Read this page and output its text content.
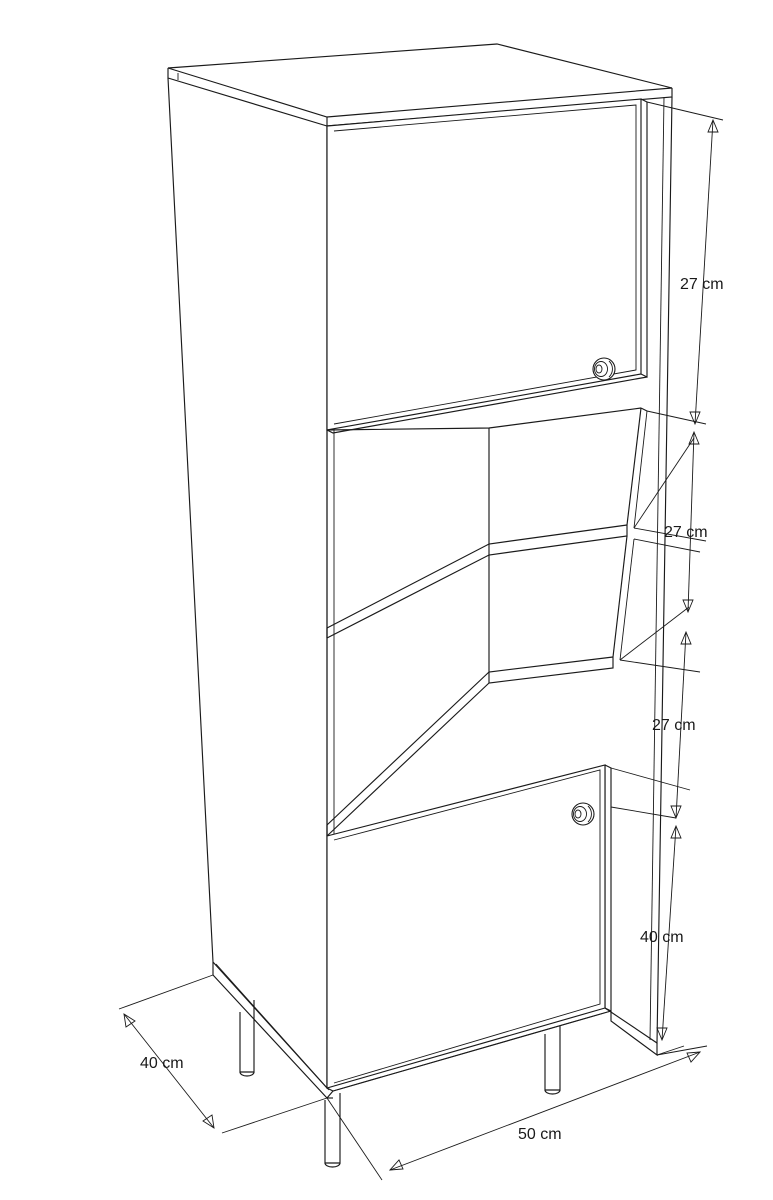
27 cm
27 cm
27 cm
40 cm
40 cm
50 cm
